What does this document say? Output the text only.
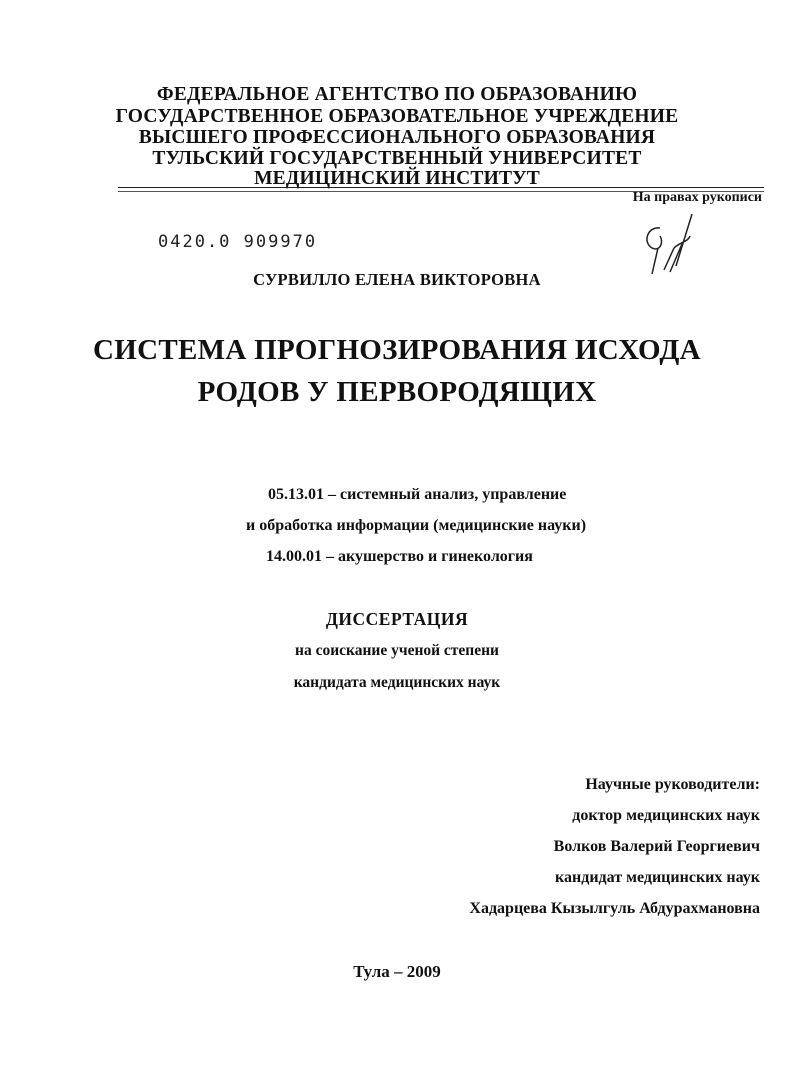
ФЕДЕРАЛЬНОЕ АГЕНТСТВО ПО ОБРАЗОВАНИЮ
ГОСУДАРСТВЕННОЕ ОБРАЗОВАТЕЛЬНОЕ УЧРЕЖДЕНИЕ
ВЫСШЕГО ПРОФЕССИОНАЛЬНОГО ОБРАЗОВАНИЯ
ТУЛЬСКИЙ ГОСУДАРСТВЕННЫЙ УНИВЕРСИТЕТ
МЕДИЦИНСКИЙ ИНСТИТУТ
На правах рукописи
0420.0 909970
СУРВИЛЛО ЕЛЕНА ВИКТОРОВНА
СИСТЕМА ПРОГНОЗИРОВАНИЯ ИСХОДА
РОДОВ У ПЕРВОРОДЯЩИХ
05.13.01 – системный анализ, управление
и обработка информации (медицинские науки)
14.00.01 – акушерство и гинекология
ДИССЕРТАЦИЯ
на соискание ученой степени
кандидата медицинских наук
Научные руководители:
доктор медицинских наук
Волков Валерий Георгиевич
кандидат медицинских наук
Хадарцева Кызылгуль Абдурахмановна
Тула – 2009
